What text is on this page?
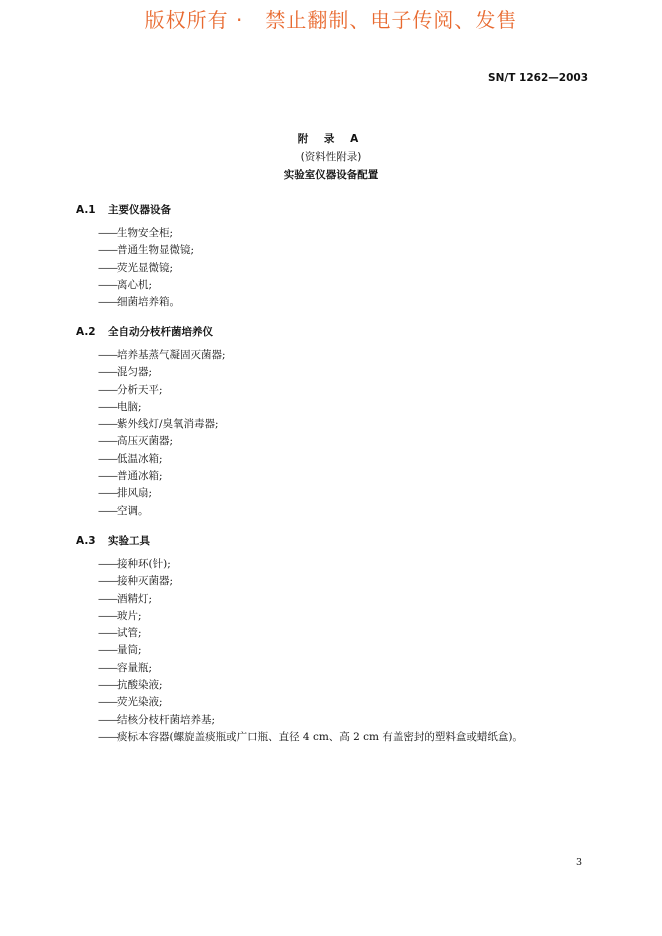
版权所有 ·   禁止翻制、电子传阅、发售
SN/T 1262—2003
附 录 A
(资料性附录)
实验室仪器设备配置
A.1 主要仪器设备
——生物安全柜;
——普通生物显微镜;
——荧光显微镜;
——离心机;
——细菌培养箱。
A.2 全自动分枝杆菌培养仪
——培养基蒸气凝固灭菌器;
——混匀器;
——分析天平;
——电脑;
——紫外线灯/臭氧消毒器;
——高压灭菌器;
——低温冰箱;
——普通冰箱;
——排风扇;
——空调。
A.3 实验工具
——接种环(针);
——接种灭菌器;
——酒精灯;
——玻片;
——试管;
——量筒;
——容量瓶;
——抗酸染液;
——荧光染液;
——结核分枝杆菌培养基;
——痰标本容器(螺旋盖痰瓶或广口瓶、直径 4 cm、高 2 cm 有盖密封的塑料盒或蜡纸盒)。
3
